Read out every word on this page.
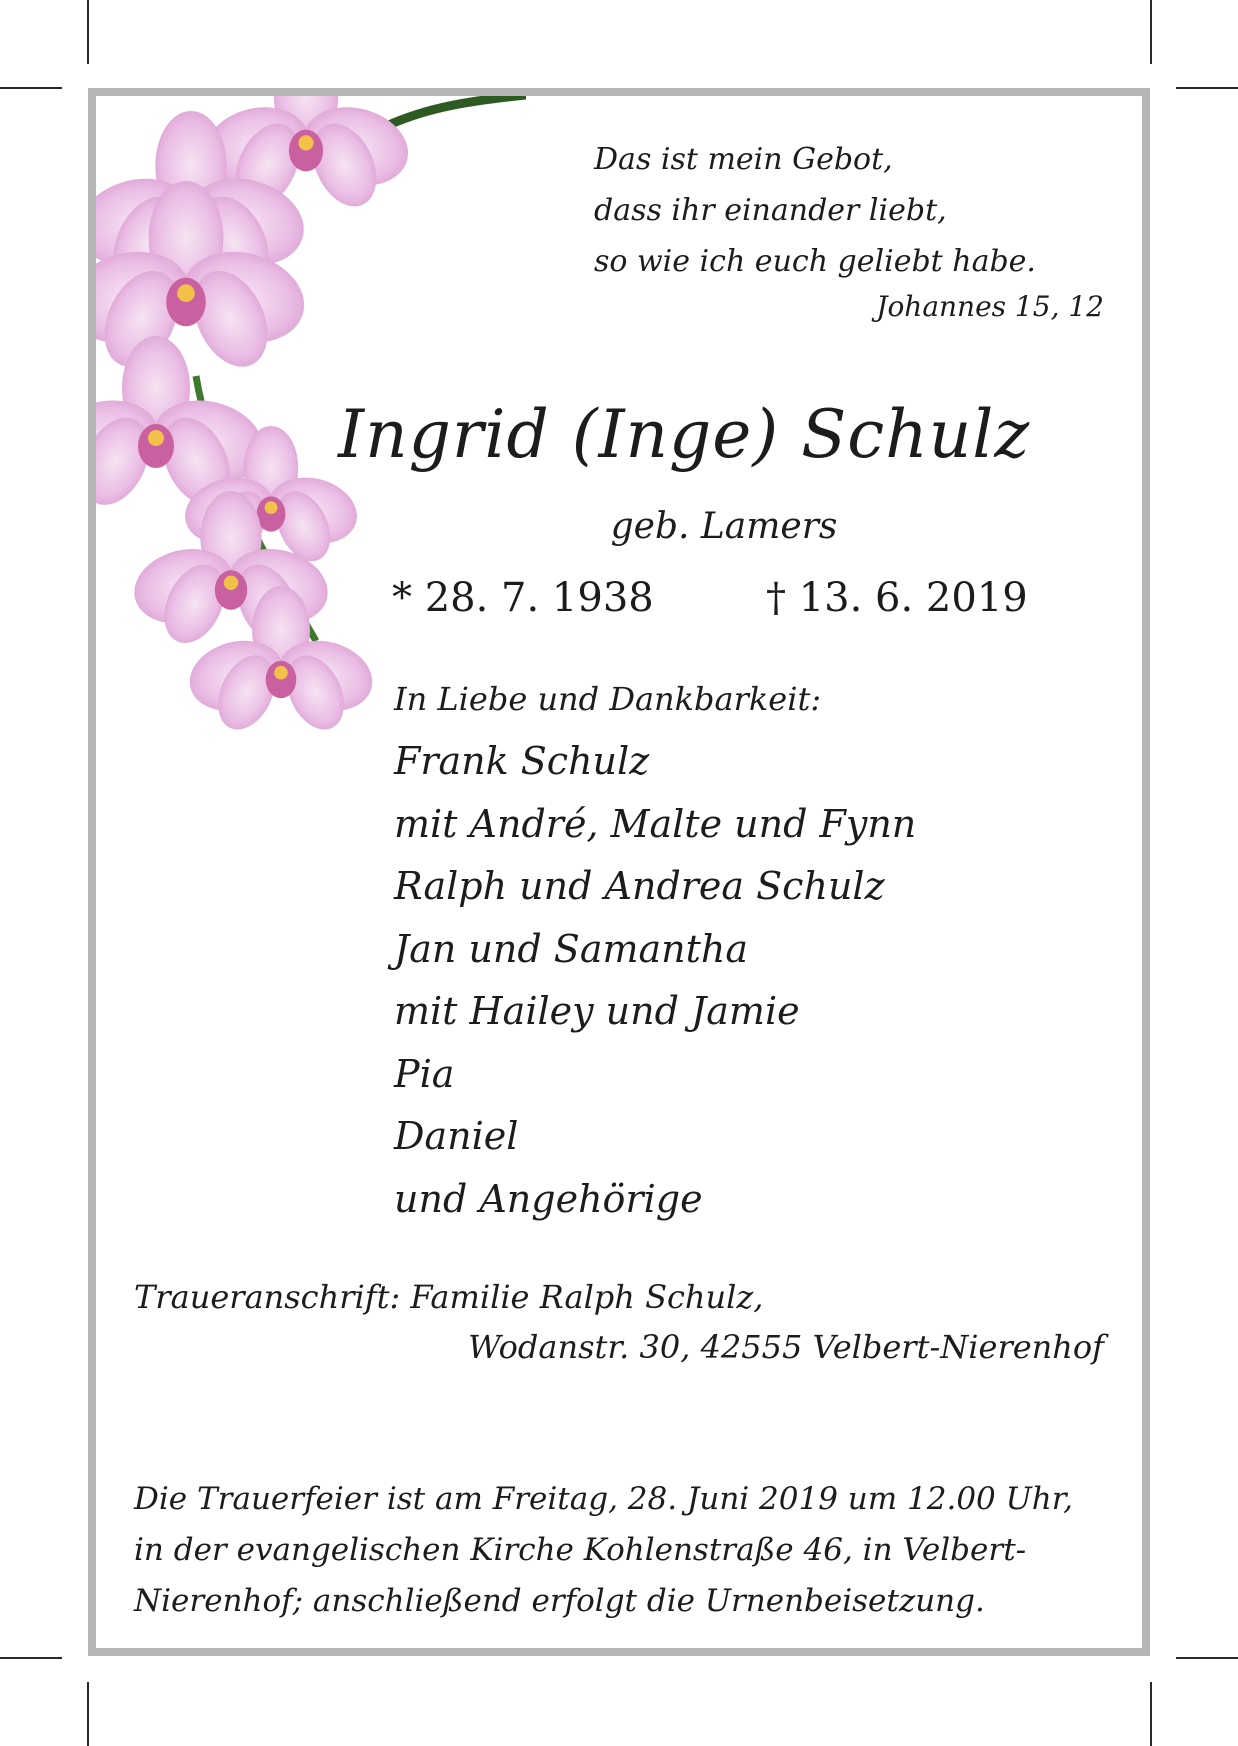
Das ist mein Gebot,
dass ihr einander liebt,
so wie ich euch geliebt habe.
Johannes 15, 12
Ingrid (Inge) Schulz
geb. Lamers
* 28. 7. 1938	† 13. 6. 2019
In Liebe und Dankbarkeit:
Frank Schulz
mit André, Malte und Fynn
Ralph und Andrea Schulz
Jan und Samantha
mit Hailey und Jamie
Pia
Daniel
und Angehörige
Traueranschrift: Familie Ralph Schulz,
Wodanstr. 30, 42555 Velbert-Nierenhof
Die Trauerfeier ist am Freitag, 28. Juni 2019 um 12.00 Uhr,
in der evangelischen Kirche Kohlenstraße 46, in Velbert-
Nierenhof; anschließend erfolgt die Urnenbeisetzung.
